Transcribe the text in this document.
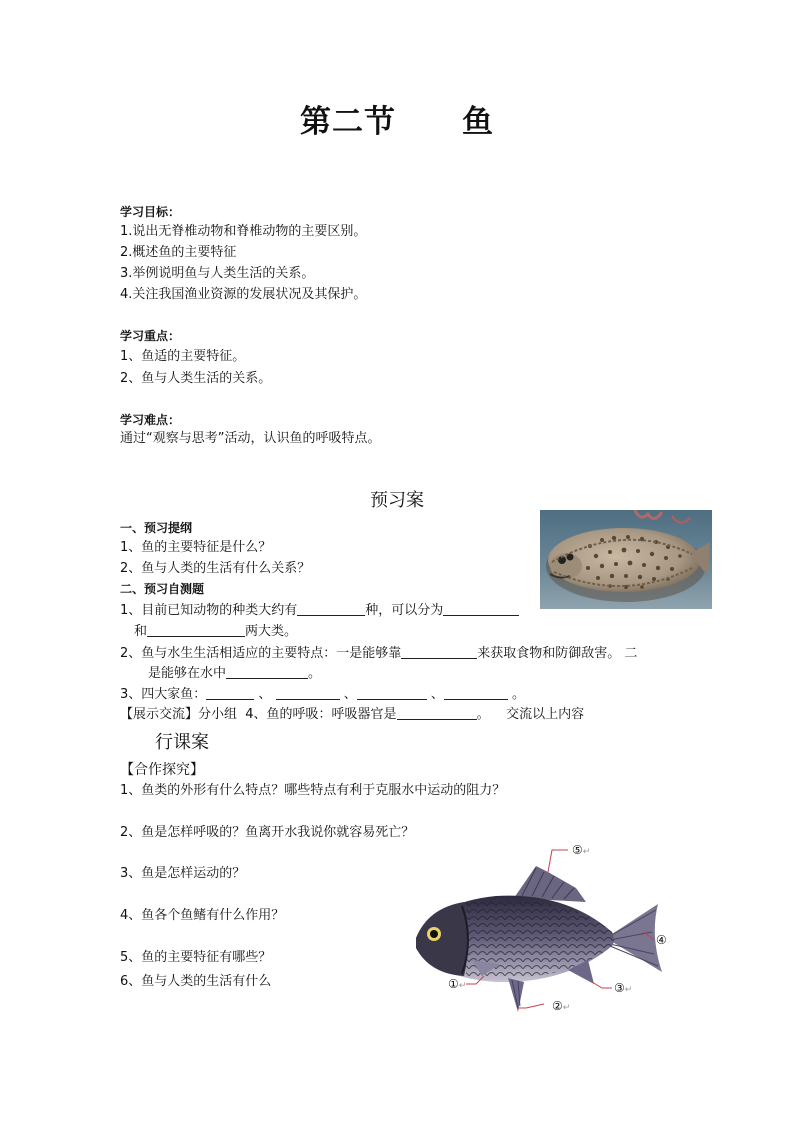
第二节 鱼
学习目标：
1.说出无脊椎动物和脊椎动物的主要区别。
2.概述鱼的主要特征
3.举例说明鱼与人类生活的关系。
4.关注我国渔业资源的发展状况及其保护。
学习重点：
1、鱼适的主要特征。
2、鱼与人类生活的关系。
学习难点：
通过“观察与思考”活动，认识鱼的呼吸特点。
预习案
一、预习提纲
1、鱼的主要特征是什么？
2、鱼与人类的生活有什么关系？
二、预习自测题
1、目前已知动物的种类大约有	种，可以分为
和	两大类。
2、鱼与水生生活相适应的主要特点：一是能够靠	来获取食物和防御敌害。 二
是能够在水中	。
3、四大家鱼：	、	、	、	。
【展示交流】分小组 4、鱼的呼吸：呼吸器官是	。 交流以上内容
行课案
【合作探究】
1、鱼类的外形有什么特点？哪些特点有利于克服水中运动的阻力？
2、鱼是怎样呼吸的？鱼离开水我说你就容易死亡？
3、鱼是怎样运动的？
4、鱼各个鱼鳍有什么作用？
5、鱼的主要特征有哪些？
6、鱼与人类的生活有什么
⑤↵
④
③↵
②↵
①↵
